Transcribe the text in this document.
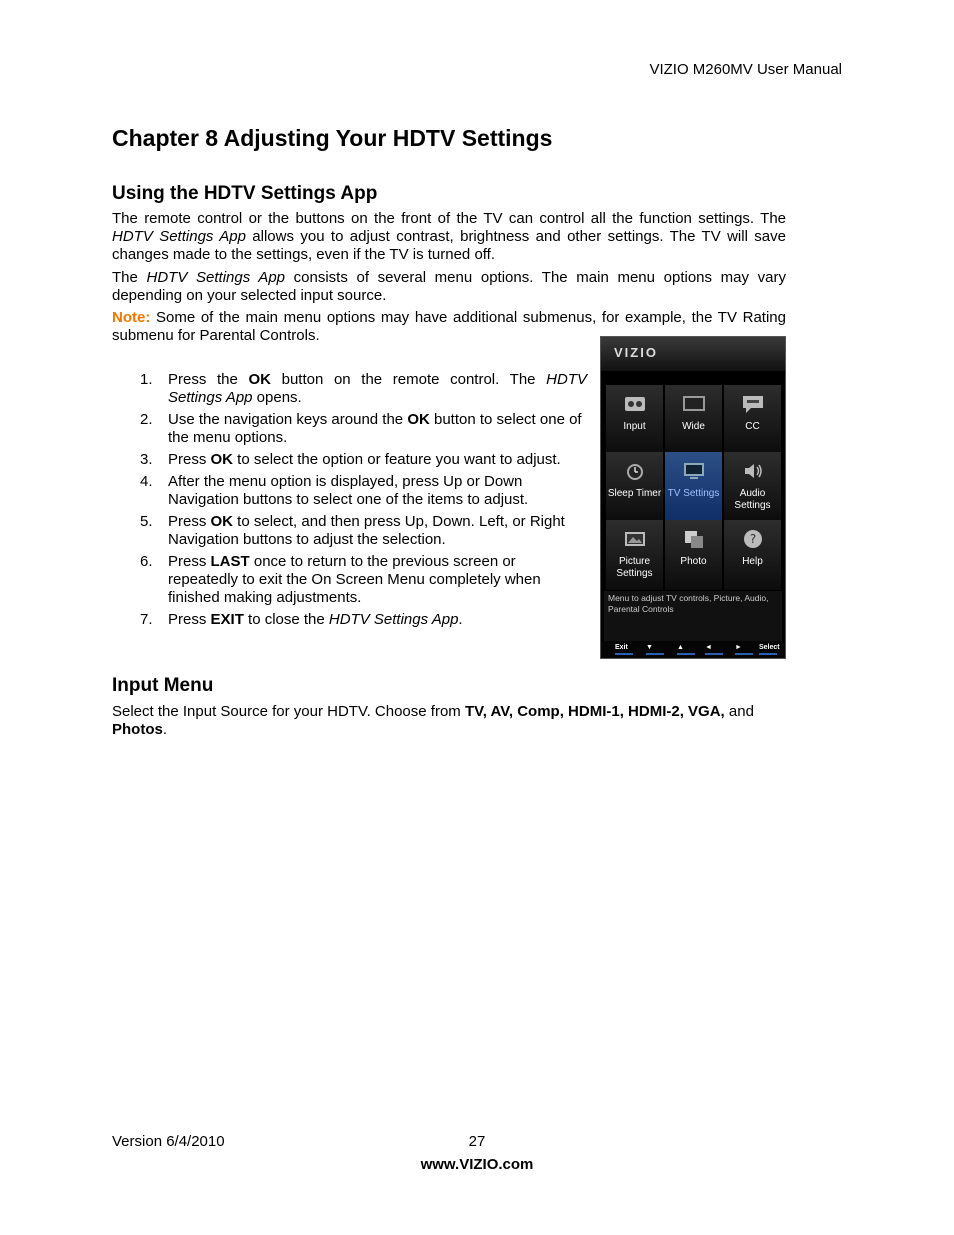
VIZIO M260MV User Manual
Chapter 8 Adjusting Your HDTV Settings
Using the HDTV Settings App

The remote control or the buttons on the front of the TV can control all the function settings. The HDTV Settings App allows you to adjust contrast, brightness and other settings. The TV will save changes made to the settings, even if the TV is turned off.

The HDTV Settings App consists of several menu options. The main menu options may vary depending on your selected input source.

Note: Some of the main menu options may have additional submenus, for example, the TV Rating submenu for Parental Controls.

1. Press the OK button on the remote control. The HDTV Settings App opens.
2. Use the navigation keys around the OK button to select one of the menu options.
3. Press OK to select the option or feature you want to adjust.
4. After the menu option is displayed, press Up or Down Navigation buttons to select one of the items to adjust.
5. Press OK to select, and then press Up, Down. Left, or Right Navigation buttons to adjust the selection.
6. Press LAST once to return to the previous screen or repeatedly to exit the On Screen Menu completely when finished making adjustments.
7. Press EXIT to close the HDTV Settings App.
VIZIO
Input	Wide	CC
Sleep Timer TV Settings	Audio Settings
Picture Settings
Photo
?
Help
Menu to adjust TV controls, Picture, Audio, Parental Controls
Exit	▼	▲	◄	► Select
Input Menu

Select the Input Source for your HDTV. Choose from TV, AV, Comp, HDMI-1, HDMI-2, VGA, and Photos.

Version 6/4/2010	27
www.VIZIO.com
